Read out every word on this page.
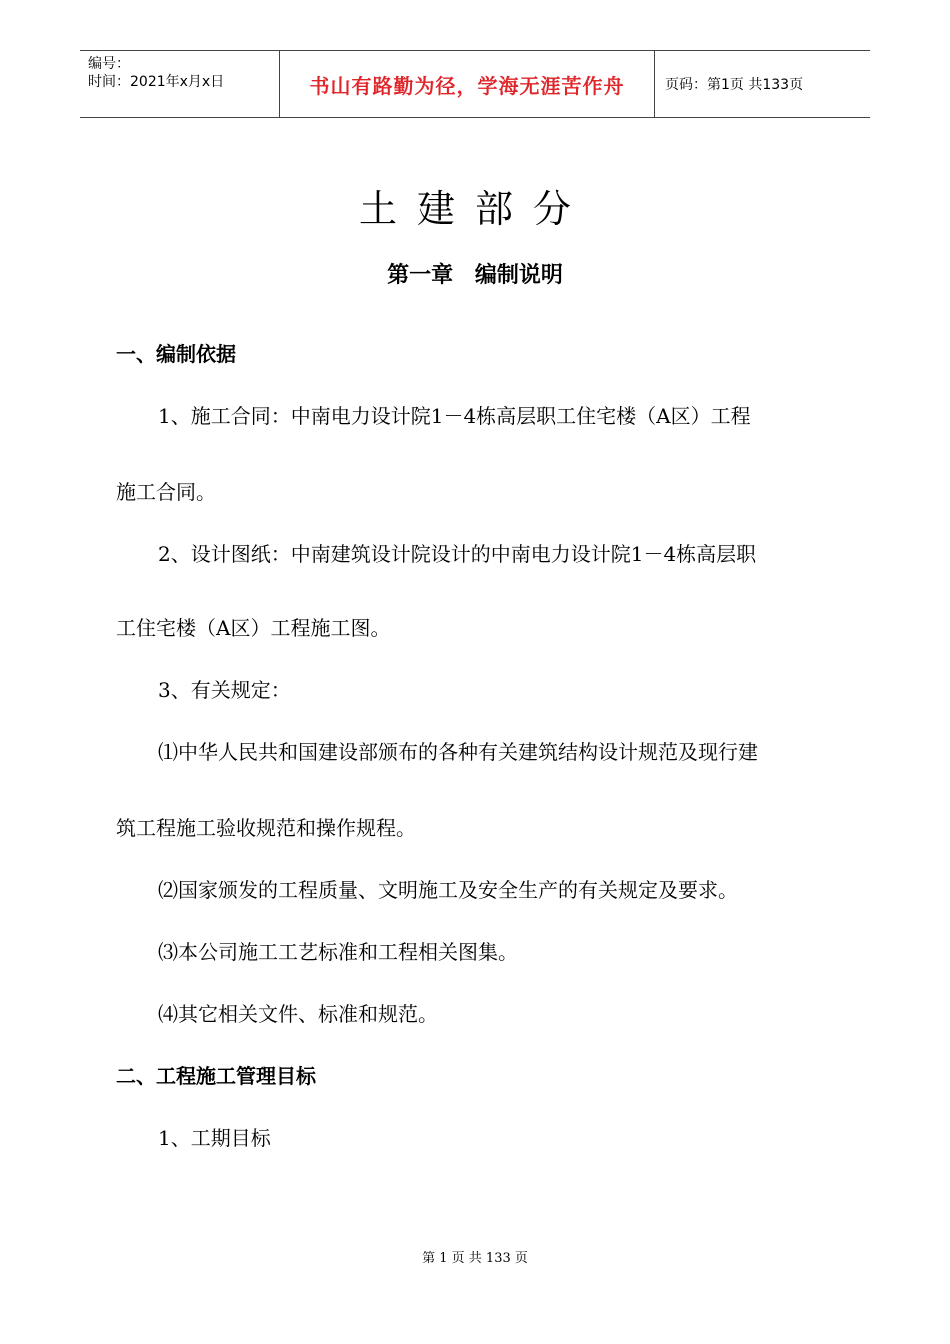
编号：
时间：2021年x月x日	书山有路勤为径，学海无涯苦作舟	页码：第1页 共133页
土建部分
第一章 编制说明
一、编制依据
1、施工合同：中南电力设计院1－4栋高层职工住宅楼（A区）工程
施工合同。
2、设计图纸：中南建筑设计院设计的中南电力设计院1－4栋高层职
工住宅楼（A区）工程施工图。
3、有关规定：
⑴中华人民共和国建设部颁布的各种有关建筑结构设计规范及现行建
筑工程施工验收规范和操作规程。
⑵国家颁发的工程质量、文明施工及安全生产的有关规定及要求。
⑶本公司施工工艺标准和工程相关图集。
⑷其它相关文件、标准和规范。
二、工程施工管理目标
1、工期目标
第 1 页 共 133 页
